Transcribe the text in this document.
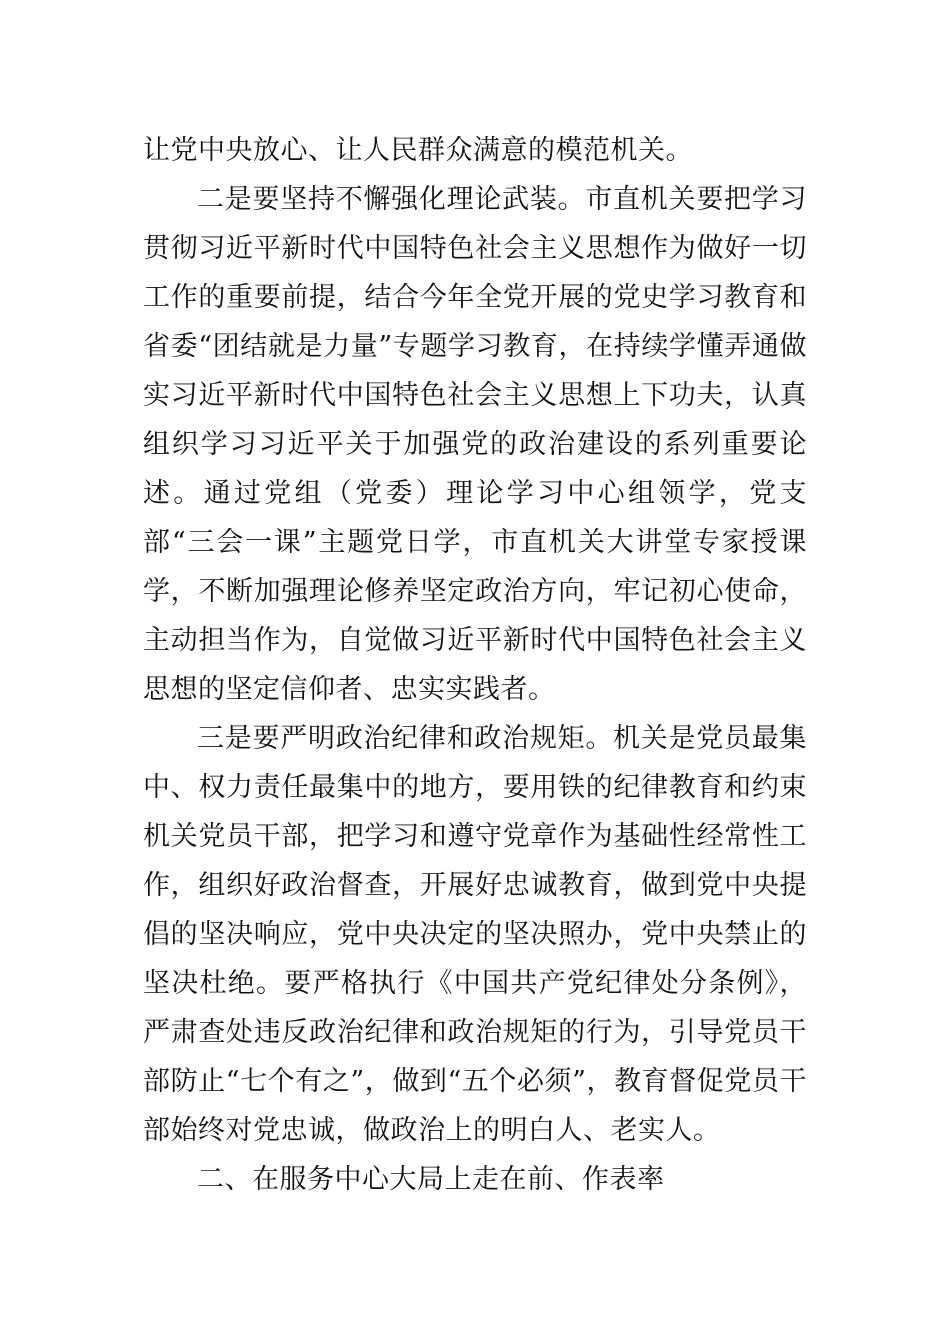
让党中央放心、让人民群众满意的模范机关。

二是要坚持不懈强化理论武装。市直机关要把学习贯彻习近平新时代中国特色社会主义思想作为做好一切工作的重要前提，结合今年全党开展的党史学习教育和省委“团结就是力量”专题学习教育，在持续学懂弄通做实习近平新时代中国特色社会主义思想上下功夫，认真组织学习习近平关于加强党的政治建设的系列重要论述。通过党组（党委）理论学习中心组领学，党支部“三会一课”主题党日学，市直机关大讲堂专家授课学，不断加强理论修养坚定政治方向，牢记初心使命，主动担当作为，自觉做习近平新时代中国特色社会主义思想的坚定信仰者、忠实实践者。

三是要严明政治纪律和政治规矩。机关是党员最集中、权力责任最集中的地方，要用铁的纪律教育和约束机关党员干部，把学习和遵守党章作为基础性经常性工作，组织好政治督查，开展好忠诚教育，做到党中央提倡的坚决响应，党中央决定的坚决照办，党中央禁止的坚决杜绝。要严格执行《中国共产党纪律处分条例》，严肃查处违反政治纪律和政治规矩的行为，引导党员干部防止“七个有之”，做到“五个必须”，教育督促党员干部始终对党忠诚，做政治上的明白人、老实人。

二、在服务中心大局上走在前、作表率
